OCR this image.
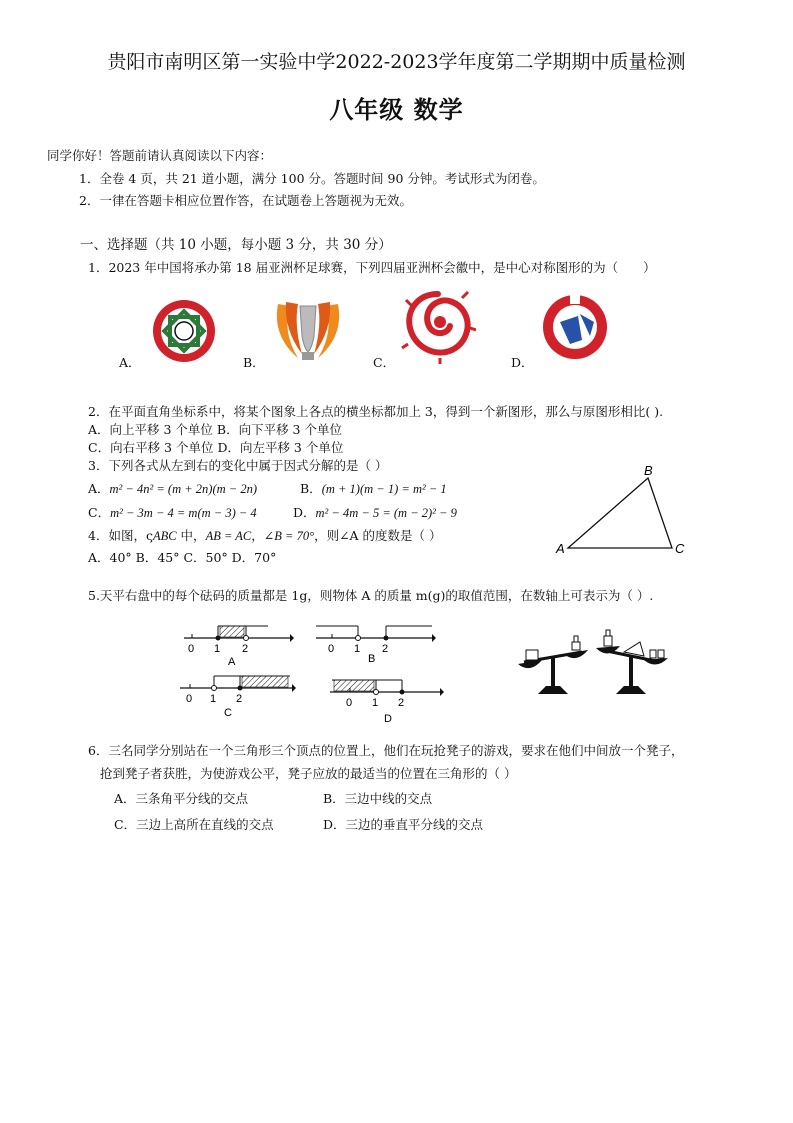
贵阳市南明区第一实验中学2022-2023学年度第二学期期中质量检测
八年级 数学
同学你好！答题前请认真阅读以下内容：
1．全卷 4 页，共 21 道小题，满分 100 分。答题时间 90 分钟。考试形式为闭卷。
2．一律在答题卡相应位置作答，在试题卷上答题视为无效。
一、选择题（共 10 小题，每小题 3 分，共 30 分）
1．2023 年中国将承办第 18 届亚洲杯足球赛，下列四届亚洲杯会徽中，是中心对称图形的为（　　）
A．	B．	C．	D．
2．在平面直角坐标系中，将某个图象上各点的横坐标都加上 3，得到一个新图形，那么与原图形相比( ).
A．向上平移 3 个单位 B．向下平移 3 个单位
C．向右平移 3 个单位 D．向左平移 3 个单位
3．下列各式从左到右的变化中属于因式分解的是（ ）
A．m² − 4n² = (m + 2n)(m − 2n)	B．(m + 1)(m − 1) = m² − 1
C．m² − 3m − 4 = m(m − 3) − 4	D．m² − 4m − 5 = (m − 2)² − 9
4．如图，ςABC 中，AB = AC，∠B = 70°，则∠A 的度数是（ ）
A．40° B．45° C．50° D．70°
A
B
C
5.天平右盘中的每个砝码的质量都是 1g，则物体 A 的质量 m(g)的取值范围，在数轴上可表示为（ ）.
0 1 2
A
0 1 2
B
0 1 2
C
0 1 2
D
6．三名同学分别站在一个三角形三个顶点的位置上，他们在玩抢凳子的游戏，要求在他们中间放一个凳子，
抢到凳子者获胜，为使游戏公平，凳子应放的最适当的位置在三角形的（ ）
A．三条角平分线的交点	B．三边中线的交点
C．三边上高所在直线的交点	D．三边的垂直平分线的交点
